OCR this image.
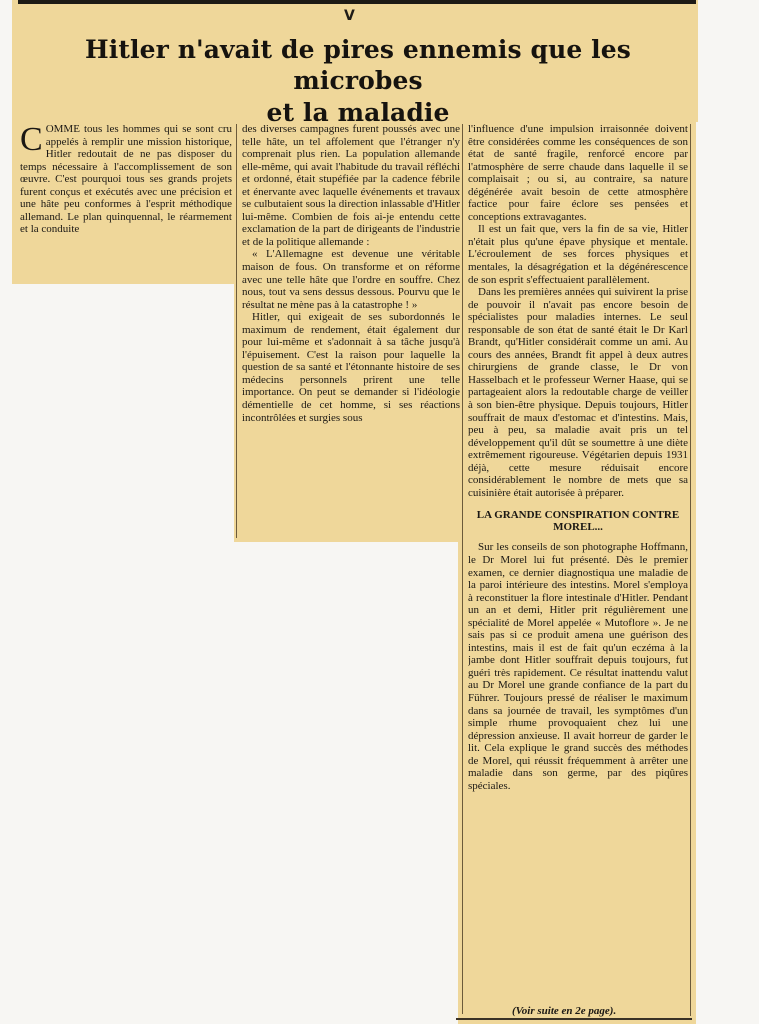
V
Hitler n'avait de pires ennemis que les microbes
et la maladie
C OMME tous les hommes qui se sont cru appelés à remplir une mission historique, Hitler redoutait de ne pas disposer du temps nécessaire à l'accomplissement de son œuvre. C'est pourquoi tous ses grands projets furent conçus et exécutés avec une précision et une hâte peu conformes à l'esprit méthodique allemand. Le plan quinquennal, le réarmement et la conduite

des diverses campagnes furent poussés avec une telle hâte, un tel affolement que l'étranger n'y comprenait plus rien. La population allemande elle-même, qui avait l'habitude du travail réfléchi et ordonné, était stupéfiée par la cadence fébrile et énervante avec laquelle événements et travaux se culbutaient sous la direction inlassable d'Hitler lui-même. Combien de fois ai-je entendu cette exclamation de la part de dirigeants de l'industrie et de la politique allemande :

« L'Allemagne est devenue une véritable maison de fous. On transforme et on réforme avec une telle hâte que l'ordre en souffre. Chez nous, tout va sens dessus dessous. Pourvu que le résultat ne mène pas à la catastrophe ! »

Hitler, qui exigeait de ses subordonnés le maximum de rendement, était également dur pour lui-même et s'adonnait à sa tâche jusqu'à l'épuisement. C'est la raison pour laquelle la question de sa santé et l'étonnante histoire de ses médecins personnels prirent une telle importance. On peut se demander si l'idéologie démentielle de cet homme, si ses réactions incontrôlées et surgies sous

l'influence d'une impulsion irraisonnée doivent être considérées comme les conséquences de son état de santé fragile, renforcé encore par l'atmosphère de serre chaude dans laquelle il se complaisait ; ou si, au contraire, sa nature dégénérée avait besoin de cette atmosphère factice pour faire éclore ses pensées et conceptions extravagantes.

Il est un fait que, vers la fin de sa vie, Hitler n'était plus qu'une épave physique et mentale. L'écroulement de ses forces physiques et mentales, la désagrégation et la dégénérescence de son esprit s'effectuaient parallèlement.

Dans les premières années qui suivirent la prise de pouvoir il n'avait pas encore besoin de spécialistes pour maladies internes. Le seul responsable de son état de santé était le Dr Karl Brandt, qu'Hitler considérait comme un ami. Au cours des années, Brandt fit appel à deux autres chirurgiens de grande classe, le Dr von Hasselbach et le professeur Werner Haase, qui se partageaient alors la redoutable charge de veiller à son bien-être physique. Depuis toujours, Hitler souffrait de maux d'estomac et d'intestins. Mais, peu à peu, sa maladie avait pris un tel développement qu'il dût se soumettre à une diète extrêmement rigoureuse. Végétarien depuis 1931 déjà, cette mesure réduisait encore considérablement le nombre de mets que sa cuisinière était autorisée à préparer.

LA GRANDE CONSPIRATION CONTRE MOREL...

Sur les conseils de son photographe Hoffmann, le Dr Morel lui fut présenté. Dès le premier examen, ce dernier diagnostiqua une maladie de la paroi intérieure des intestins. Morel s'employa à reconstituer la flore intestinale d'Hitler. Pendant un an et demi, Hitler prit régulièrement une spécialité de Morel appelée « Mutoflore ». Je ne sais pas si ce produit amena une guérison des intestins, mais il est de fait qu'un eczéma à la jambe dont Hitler souffrait depuis toujours, fut guéri très rapidement. Ce résultat inattendu valut au Dr Morel une grande confiance de la part du Führer. Toujours pressé de réaliser le maximum dans sa journée de travail, les symptômes d'un simple rhume provoquaient chez lui une dépression anxieuse. Il avait horreur de garder le lit. Cela explique le grand succès des méthodes de Morel, qui réussit fréquemment à arrêter une maladie dans son germe, par des piqûres spéciales.

(Voir suite en 2e page).
